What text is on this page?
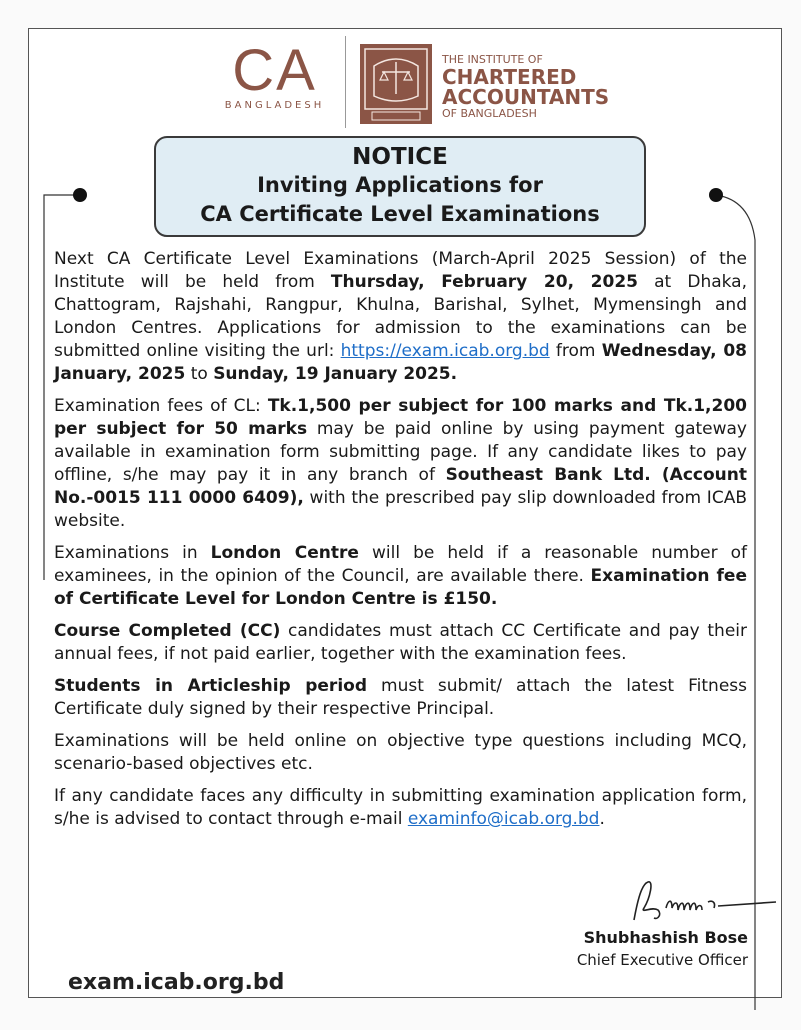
CA
BANGLADESH
THE INSTITUTE OF
CHARTERED
ACCOUNTANTS
OF BANGLADESH
NOTICE
Inviting Applications for
CA Certificate Level Examinations

Next CA Certificate Level Examinations (March-April 2025 Session) of the Institute will be held from Thursday, February 20, 2025 at Dhaka, Chattogram, Rajshahi, Rangpur, Khulna, Barishal, Sylhet, Mymensingh and London Centres. Applications for admission to the examinations can be submitted online visiting the url: https://exam.icab.org.bd from Wednesday, 08 January, 2025 to Sunday, 19 January 2025.

Examination fees of CL: Tk.1,500 per subject for 100 marks and Tk.1,200 per subject for 50 marks may be paid online by using payment gateway available in examination form submitting page. If any candidate likes to pay offline, s/he may pay it in any branch of Southeast Bank Ltd. (Account No.-0015 111 0000 6409), with the prescribed pay slip downloaded from ICAB website.

Examinations in London Centre will be held if a reasonable number of examinees, in the opinion of the Council, are available there. Examination fee of Certificate Level for London Centre is £150.

Course Completed (CC) candidates must attach CC Certificate and pay their annual fees, if not paid earlier, together with the examination fees.

Students in Articleship period must submit/ attach the latest Fitness Certificate duly signed by their respective Principal.

Examinations will be held online on objective type questions including MCQ, scenario-based objectives etc.

If any candidate faces any difficulty in submitting examination application form, s/he is advised to contact through e-mail examinfo@icab.org.bd.

Shubhashish Bose
Chief Executive Officer
exam.icab.org.bd
